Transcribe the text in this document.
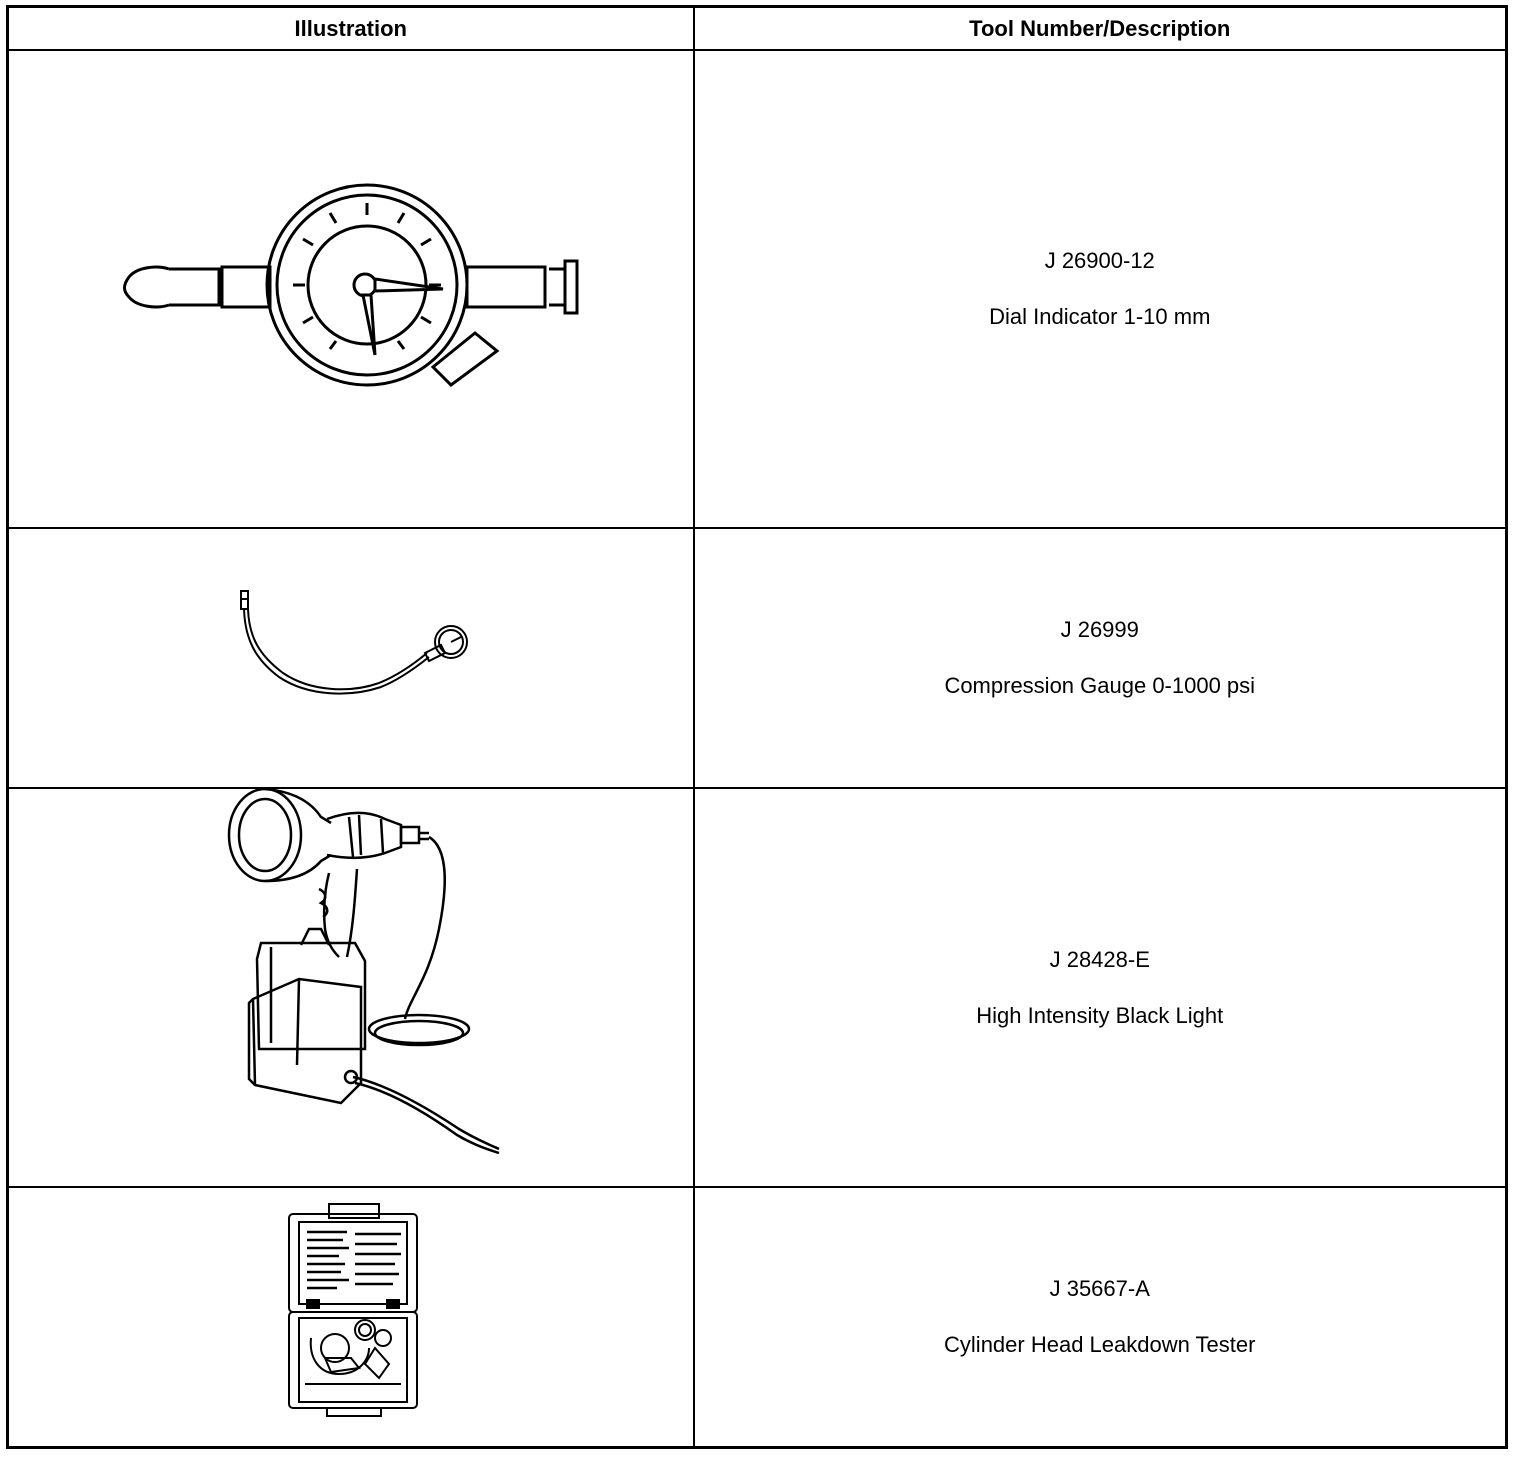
Illustration	Tool Number/Description

J 26900-12
Dial Indicator 1-10 mm

J 26999
Compression Gauge 0-1000 psi

J 28428-E
High Intensity Black Light

J 35667-A
Cylinder Head Leakdown Tester
